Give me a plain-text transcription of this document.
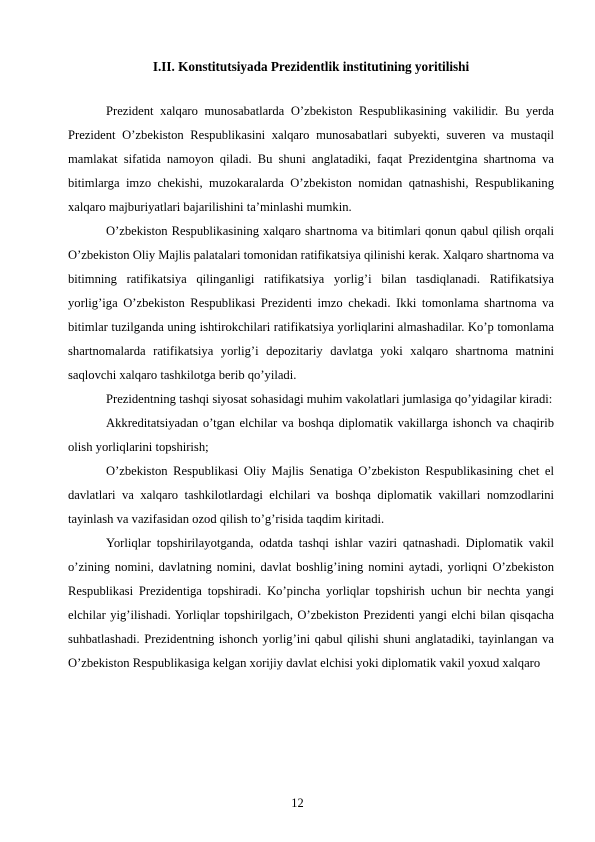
I.II. Konstitutsiyada Prezidentlik institutining yoritilishi

Prezident xalqaro munosabatlarda O’zbekiston Respublikasining vakilidir. Bu yerda Prezident O’zbekiston Respublikasini xalqaro munosabatlari subyekti, suveren va mustaqil mamlakat sifatida namoyon qiladi. Bu shuni anglatadiki, faqat Prezidentgina shartnoma va bitimlarga imzo chekishi, muzokaralarda O’zbekiston nomidan qatnashishi, Respublikaning xalqaro majburiyatlari bajarilishini ta’minlashi mumkin.

O’zbekiston Respublikasining xalqaro shartnoma va bitimlari qonun qabul qilish orqali O’zbekiston Oliy Majlis palatalari tomonidan ratifikatsiya qilinishi kerak. Xalqaro shartnoma va bitimning ratifikatsiya qilinganligi ratifikatsiya yorlig’i bilan tasdiqlanadi. Ratifikatsiya yorlig’iga O’zbekiston Respublikasi Prezidenti imzo chekadi. Ikki tomonlama shartnoma va bitimlar tuzilganda uning ishtirokchilari ratifikatsiya yorliqlarini almashadilar. Ko’p tomonlama shartnomalarda ratifikatsiya yorlig’i depozitariy davlatga yoki xalqaro shartnoma matnini saqlovchi xalqaro tashkilotga berib qo’yiladi.

Prezidentning tashqi siyosat sohasidagi muhim vakolatlari jumlasiga qo’yidagilar kiradi:

Akkreditatsiyadan o’tgan elchilar va boshqa diplomatik vakillarga ishonch va chaqirib olish yorliqlarini topshirish;

O’zbekiston Respublikasi Oliy Majlis Senatiga O’zbekiston Respublikasining chet el davlatlari va xalqaro tashkilotlardagi elchilari va boshqa diplomatik vakillari nomzodlarini tayinlash va vazifasidan ozod qilish to’g’risida taqdim kiritadi.

Yorliqlar topshirilayotganda, odatda tashqi ishlar vaziri qatnashadi. Diplomatik vakil o’zining nomini, davlatning nomini, davlat boshlig’ining nomini aytadi, yorliqni O’zbekiston Respublikasi Prezidentiga topshiradi. Ko’pincha yorliqlar topshirish uchun bir nechta yangi elchilar yig’ilishadi. Yorliqlar topshirilgach, O’zbekiston Prezidenti yangi elchi bilan qisqacha suhbatlashadi. Prezidentning ishonch yorlig’ini qabul qilishi shuni anglatadiki, tayinlangan va O’zbekiston Respublikasiga kelgan xorijiy davlat elchisi yoki diplomatik vakil yoxud xalqaro

12
